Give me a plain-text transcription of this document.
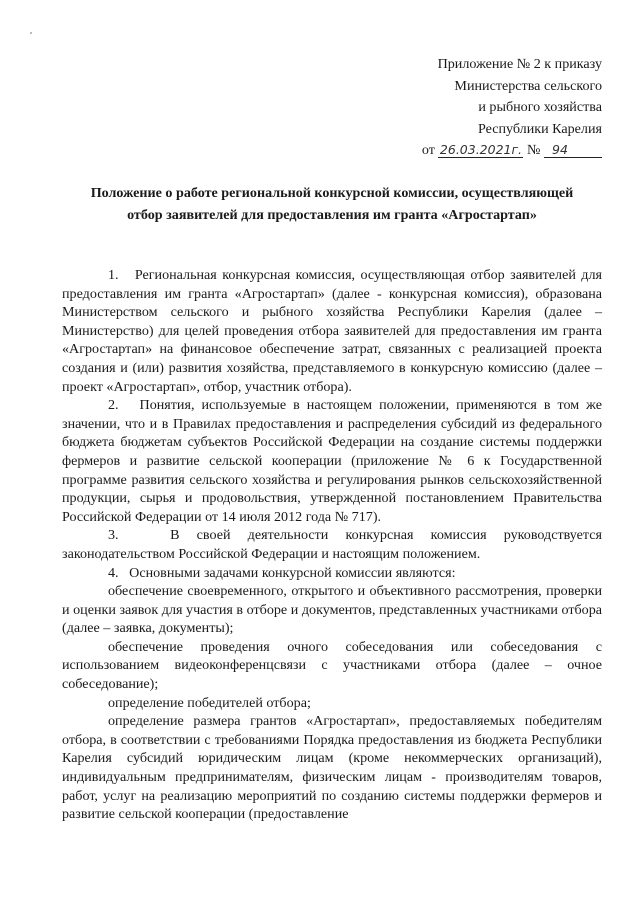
Приложение № 2 к приказу
Министерства сельского
и рыбного хозяйства
Республики Карелия
от 26.03.2021г. № 94
Положение о работе региональной конкурсной комиссии, осуществляющей
отбор заявителей для предоставления им гранта «Агростартап»

1.   Региональная конкурсная комиссия, осуществляющая отбор заявителей для предоставления им гранта «Агростартап» (далее - конкурсная комиссия), образована Министерством сельского и рыбного хозяйства Республики Карелия (далее – Министерство) для целей проведения отбора заявителей для предоставления им гранта «Агростартап» на финансовое обеспечение затрат, связанных с реализацией проекта создания и (или) развития хозяйства, представляемого в конкурсную комиссию (далее – проект «Агростартап», отбор, участник отбора).

2.   Понятия, используемые в настоящем положении, применяются в том же значении, что и в Правилах предоставления и распределения субсидий из федерального бюджета бюджетам субъектов Российской Федерации на создание системы поддержки фермеров и развитие сельской кооперации (приложение № 6 к Государственной программе развития сельского хозяйства и регулирования рынков сельскохозяйственной продукции, сырья и продовольствия, утвержденной постановлением Правительства Российской Федерации от 14 июля 2012 года № 717).

3.   В своей деятельности конкурсная комиссия руководствуется законодательством Российской Федерации и настоящим положением.

4.   Основными задачами конкурсной комиссии являются:

обеспечение своевременного, открытого и объективного рассмотрения, проверки и оценки заявок для участия в отборе и документов, представленных участниками отбора (далее – заявка, документы);

обеспечение проведения очного собеседования или собеседования с использованием видеоконференцсвязи с участниками отбора (далее – очное собеседование);

определение победителей отбора;

определение размера грантов «Агростартап», предоставляемых победителям отбора, в соответствии с требованиями Порядка предоставления из бюджета Республики Карелия субсидий юридическим лицам (кроме некоммерческих организаций), индивидуальным предпринимателям, физическим лицам - производителям товаров, работ, услуг на реализацию мероприятий по созданию системы поддержки фермеров и развитие сельской кооперации (предоставление
